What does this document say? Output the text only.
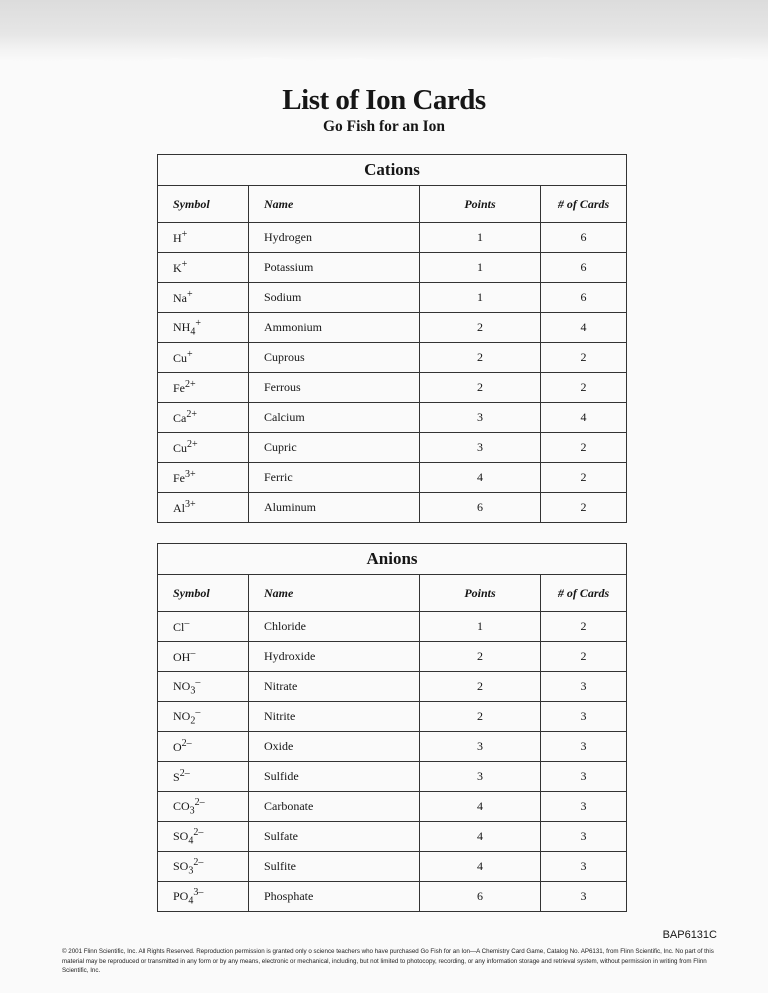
List of Ion Cards
Go Fish for an Ion
Cations			
Symbol	Name	Points	# of Cards
H+	Hydrogen	1	6
K+	Potassium	1	6
Na+	Sodium	1	6
$NH_4^+$	Ammonium	2	4
Cu+	Cuprous	2	2
$Fe^{2+}$	Ferrous	2	2
$Ca^{2+}$	Calcium	3	4
$Cu^{2+}$	Cupric	3	2
$Fe^{3+}$	Ferric	4	2
$Al^{3+}$	Aluminum	6	2
Anions			
Symbol	Name	Points	# of Cards
Cl–	Chloride	1	2
OH–	Hydroxide	2	2
$NO_3^-$	Nitrate	2	3
$NO_2^-$	Nitrite	2	3
$O^{2-}$	Oxide	3	3
$S^{2-}$	Sulfide	3	3
$CO_3^{2-}$	Carbonate	4	3
$SO_4^{2-}$	Sulfate	4	3
$SO_3^{2-}$	Sulfite	4	3
$PO_4^{3-}$	Phosphate	6	3
BAP6131C
© 2001 Flinn Scientific, Inc. All Rights Reserved. Reproduction permission is granted only o science teachers who have purchased Go Fish for an Ion—A Chemistry Card Game, Catalog No. AP6131, from Flinn Scientific, Inc. No part of this material may be reproduced or transmitted in any form or by any means, electronic or mechanical, including, but not limited to photocopy, recording, or any information storage and retrieval system, without permission in writing from Flinn Scientific, Inc.
